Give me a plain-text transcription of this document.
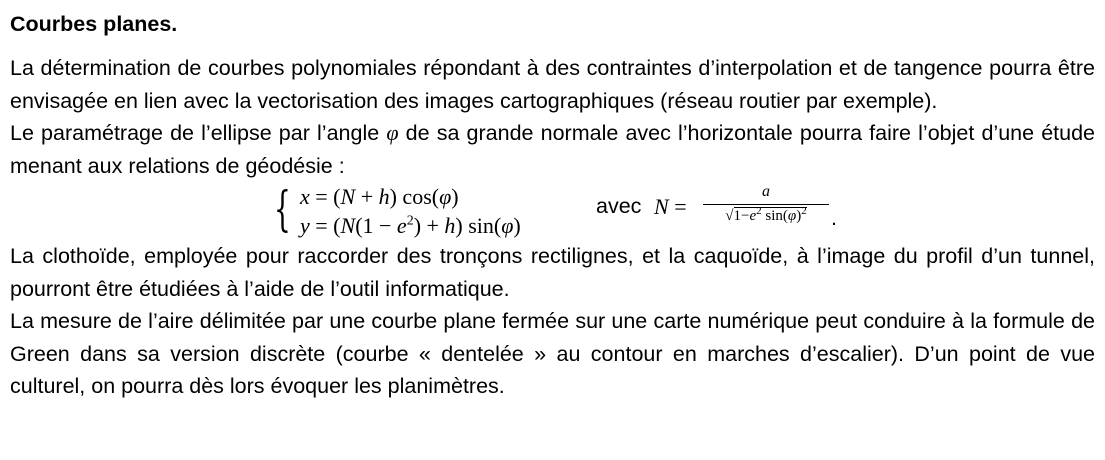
Courbes planes.

La détermination de courbes polynomiales répondant à des contraintes d’interpolation et de tangence pourra être envisagée en lien avec la vectorisation des images cartographiques (réseau routier par exemple).

Le paramétrage de l’ellipse par l’angle φ de sa grande normale avec l’horizontale pourra faire l’objet d’une étude menant aux relations de géodésie :

{ x = (N + h) cos(φ)
$y = (N(1 - e^2) + h)$ sin(φ)
avec N =
a
$√1-e^2$ $\sin(\varphi)^2$	.

La clothoïde, employée pour raccorder des tronçons rectilignes, et la caquoïde, à l’image du profil d’un tunnel, pourront être étudiées à l’aide de l’outil informatique.

La mesure de l’aire délimitée par une courbe plane fermée sur une carte numérique peut conduire à la formule de Green dans sa version discrète (courbe « dentelée » au contour en marches d’escalier). D’un point de vue culturel, on pourra dès lors évoquer les planimètres.
